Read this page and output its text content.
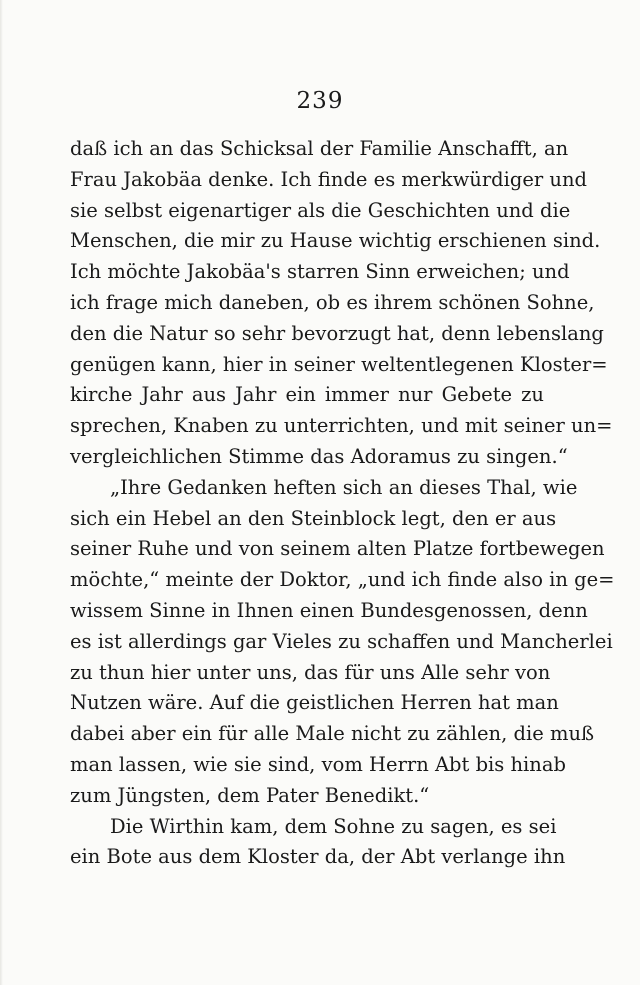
239
daß ich an das Schicksal der Familie Anschafft, an
Frau Jakobäa denke. Ich finde es merkwürdiger und
sie selbst eigenartiger als die Geschichten und die
Menschen, die mir zu Hause wichtig erschienen sind.
Ich möchte Jakobäa's starren Sinn erweichen; und
ich frage mich daneben, ob es ihrem schönen Sohne,
den die Natur so sehr bevorzugt hat, denn lebenslang
genügen kann, hier in seiner weltentlegenen Kloster=
kirche Jahr aus Jahr ein immer nur Gebete zu
sprechen, Knaben zu unterrichten, und mit seiner un=
vergleichlichen Stimme das Adoramus zu singen.“
„Ihre Gedanken heften sich an dieses Thal, wie
sich ein Hebel an den Steinblock legt, den er aus
seiner Ruhe und von seinem alten Platze fortbewegen
möchte,“ meinte der Doktor, „und ich finde also in ge=
wissem Sinne in Ihnen einen Bundesgenossen, denn
es ist allerdings gar Vieles zu schaffen und Mancherlei
zu thun hier unter uns, das für uns Alle sehr von
Nutzen wäre. Auf die geistlichen Herren hat man
dabei aber ein für alle Male nicht zu zählen, die muß
man lassen, wie sie sind, vom Herrn Abt bis hinab
zum Jüngsten, dem Pater Benedikt.“
Die Wirthin kam, dem Sohne zu sagen, es sei
ein Bote aus dem Kloster da, der Abt verlange ihn
